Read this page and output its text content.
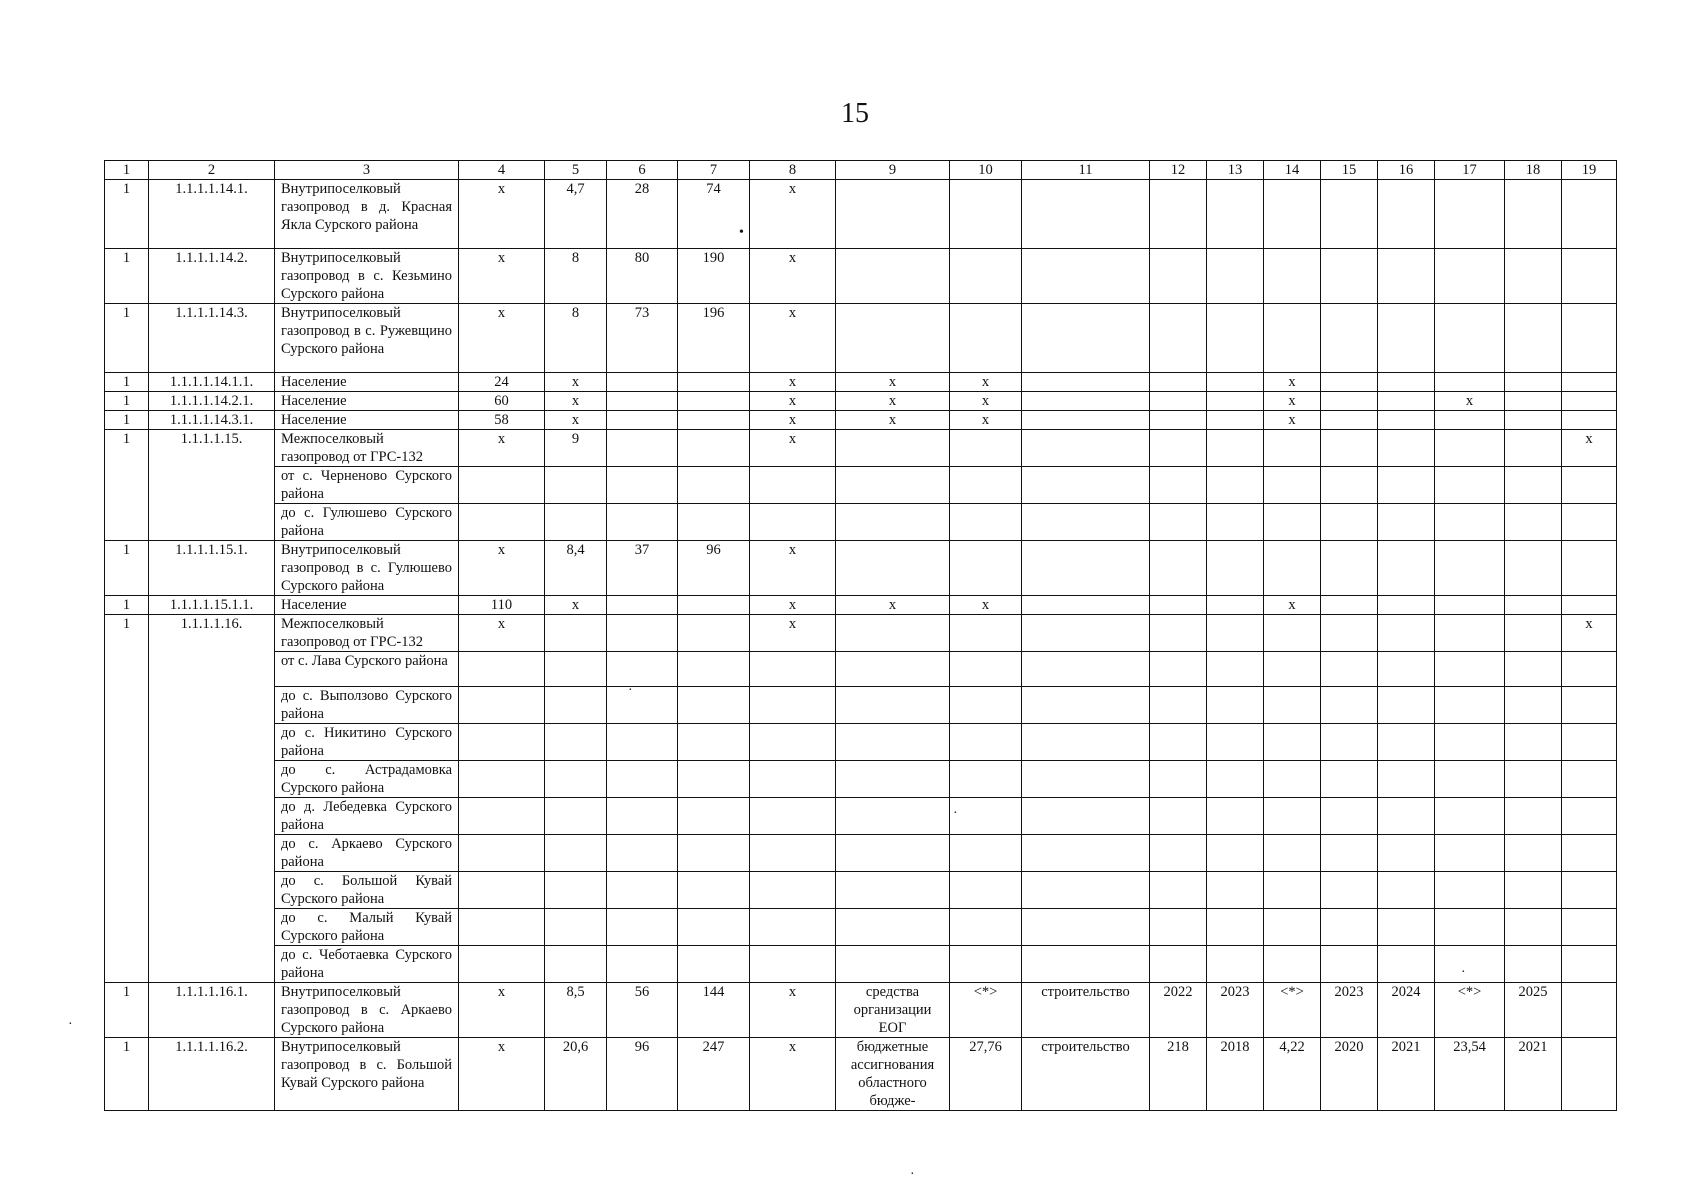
15
1	2	3	4	5	6	7	8	9	10	11	12	13	14	15	16	17	18	19
1	1.1.1.1.14.1.	Внутрипоселковый газопровод в д. Красная Якла Сурского района	x	4,7	28	74	x											
1	1.1.1.1.14.2.	Внутрипоселковый газопровод в с. Кезьмино Сурского района	x	8	80	190	x											
1	1.1.1.1.14.3.	Внутрипоселковый газопровод в с. Ружевщино Сурского района	x	8	73	196	x											
1	1.1.1.1.14.1.1.	Население	24	x			x	x	x				x					
1	1.1.1.1.14.2.1.	Население	60	x			x	x	x				x			x		
1	1.1.1.1.14.3.1.	Население	58	x			x	x	x				x					
1	1.1.1.1.15.	Межпоселковый газопровод от ГРС-132	x	9			x											x
		от с. Черненово Сурского района																
		до с. Гулюшево Сурского района																
1	1.1.1.1.15.1.	Внутрипоселковый газопровод в с. Гулюшево Сурского района	x	8,4	37	96	x											
1	1.1.1.1.15.1.1.	Население	110	x			x	x	x				x					
1	1.1.1.1.16.	Межпоселковый газопровод от ГРС-132	x				x											x
		от с. Лава Сурского района																
		до с. Выползово Сурского района																
		до с. Никитино Сурского района																
		до с. Астрадамовка Сурского района																
		до д. Лебедевка Сурского района																
		до с. Аркаево Сурского района																
		до с. Большой Кувай Сурского района																
		до с. Малый Кувай Сурского района																
		до с. Чеботаевка Сурского района																
1	1.1.1.1.16.1.	Внутрипоселковый газопровод в с. Аркаево Сурского района	x	8,5	56	144	x	средства организации ЕОГ	<*>	строительство	2022	2023	<*>	2023	2024	<*>	2025	
1	1.1.1.1.16.2.	Внутрипоселковый газопровод в с. Большой Кувай Сурского района	x	20,6	96	247	x	бюджетные ассигнования областного бюдже-	27,76	строительство	218	2018	4,22	2020	2021	23,54	2021	
•
·
·
·
·
·
